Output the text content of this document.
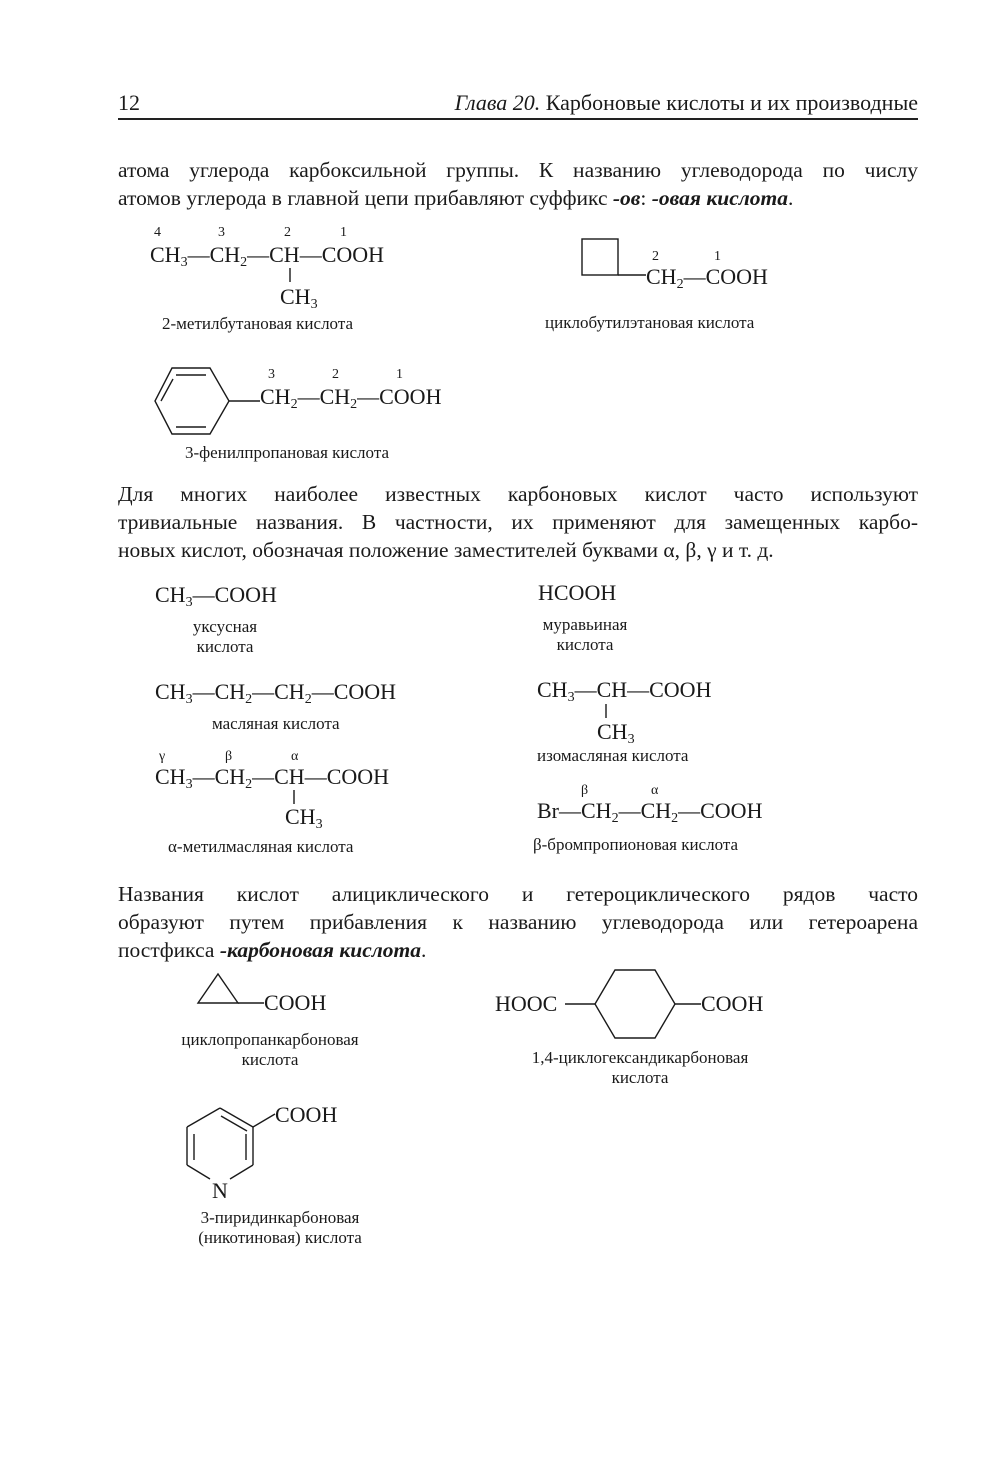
12	Глава 20. Карбоновые кислоты и их производные
атома углерода карбоксильной группы. К названию углеводорода по числу
атомов углерода в главной цепи прибавляют суффикс -ов: -овая кислота.
4	3	2	1
$CH_3—CH_2—CH—COOH$
$CH_3$
2-метилбутановая кислота
2	1
$CH_2—COOH$
циклобутилэтановая кислота
3	2	1
$CH_2—CH_2—COOH$
3-фенилпропановая кислота
Для многих наиболее известных карбоновых кислот часто используют
тривиальные названия. В частности, их применяют для замещенных карбо-
новых кислот, обозначая положение заместителей буквами α, β, γ и т. д.
$CH_3—COOH$
уксусная
кислота
HCOOH
муравьиная
кислота
$CH_3—CH_2—CH_2—COOH$
масляная кислота
$CH_3—CH—COOH$
$CH_3$
изомасляная кислота
γ	β	α
$CH_3—CH_2—CH—COOH$
$CH_3$
α-метилмасляная кислота
β	α
$Br—CH_2—CH_2—COOH$
β-бромпропионовая кислота
Названия кислот алициклического и гетероциклического рядов часто
образуют путем прибавления к названию углеводорода или гетероарена
постфикса -карбоновая кислота.
COOH
циклопропанкарбоновая
кислота
HOOC	COOH
1,4-циклогександикарбоновая
кислота
COOH
N
3-пиридинкарбоновая
(никотиновая) кислота
